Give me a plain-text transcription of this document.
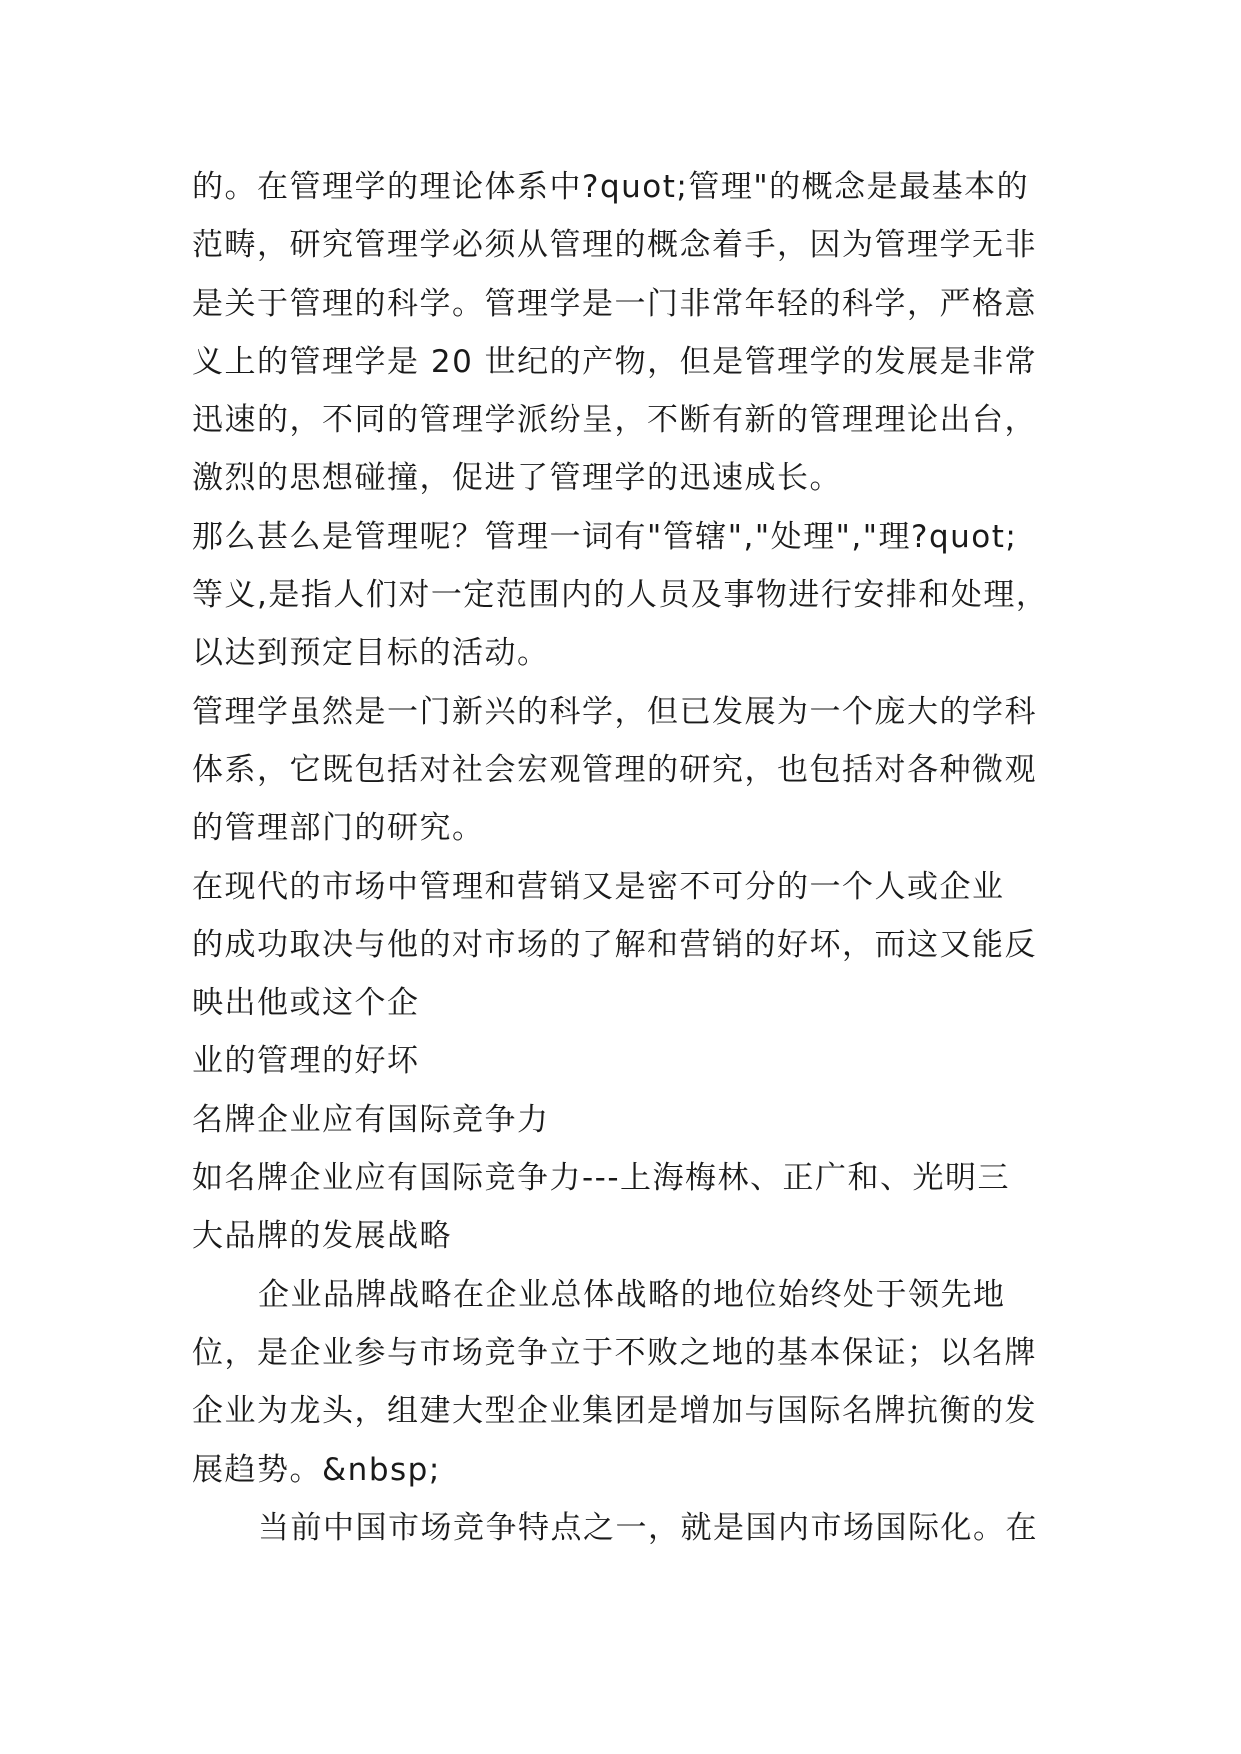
的。在管理学的理论体系中?quot;管理"的概念是最基本的
范畴，研究管理学必须从管理的概念着手，因为管理学无非
是关于管理的科学。管理学是一门非常年轻的科学，严格意
义上的管理学是 20 世纪的产物，但是管理学的发展是非常
迅速的，不同的管理学派纷呈，不断有新的管理理论出台，
激烈的思想碰撞，促进了管理学的迅速成长。
那么甚么是管理呢？管理一词有"管辖","处理","理?quot;
等义,是指人们对一定范围内的人员及事物进行安排和处理，
以达到预定目标的活动。
管理学虽然是一门新兴的科学，但已发展为一个庞大的学科
体系，它既包括对社会宏观管理的研究，也包括对各种微观
的管理部门的研究。
在现代的市场中管理和营销又是密不可分的一个人或企业
的成功取决与他的对市场的了解和营销的好坏，而这又能反
映出他或这个企
业的管理的好坏
名牌企业应有国际竞争力
如名牌企业应有国际竞争力---上海梅林、正广和、光明三
大品牌的发展战略
企业品牌战略在企业总体战略的地位始终处于领先地
位，是企业参与市场竞争立于不败之地的基本保证；以名牌
企业为龙头，组建大型企业集团是增加与国际名牌抗衡的发
展趋势。&nbsp;
当前中国市场竞争特点之一，就是国内市场国际化。在
